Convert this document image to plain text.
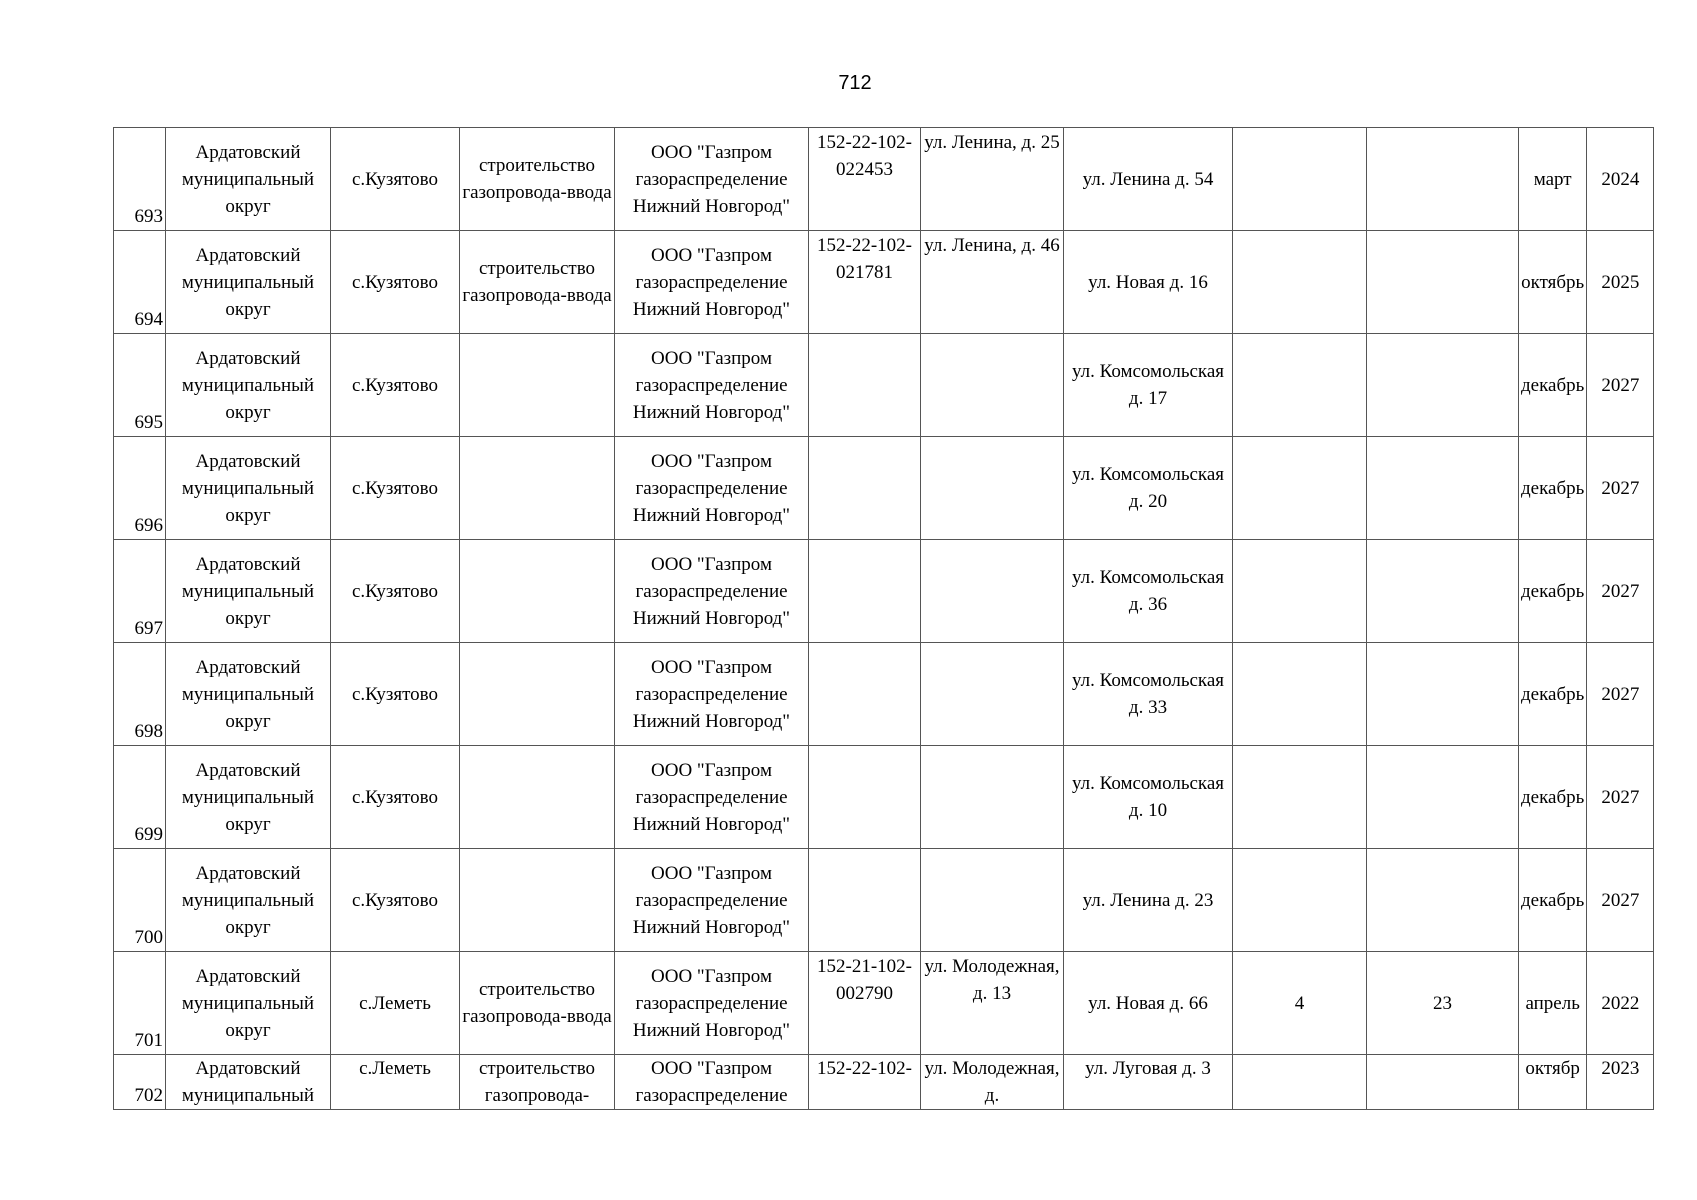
712
693	Ардатовский муниципальный округ	с.Кузятово	строительство газопровода-ввода	ООО "Газпром газораспределение Нижний Новгород"	152-22-102-022453	ул. Ленина, д. 25	ул. Ленина д. 54			март	2024
694	Ардатовский муниципальный округ	с.Кузятово	строительство газопровода-ввода	ООО "Газпром газораспределение Нижний Новгород"	152-22-102-021781	ул. Ленина, д. 46	ул. Новая д. 16			октябрь	2025
695	Ардатовский муниципальный округ	с.Кузятово		ООО "Газпром газораспределение Нижний Новгород"			ул. Комсомольская д. 17			декабрь	2027
696	Ардатовский муниципальный округ	с.Кузятово		ООО "Газпром газораспределение Нижний Новгород"			ул. Комсомольская д. 20			декабрь	2027
697	Ардатовский муниципальный округ	с.Кузятово		ООО "Газпром газораспределение Нижний Новгород"			ул. Комсомольская д. 36			декабрь	2027
698	Ардатовский муниципальный округ	с.Кузятово		ООО "Газпром газораспределение Нижний Новгород"			ул. Комсомольская д. 33			декабрь	2027
699	Ардатовский муниципальный округ	с.Кузятово		ООО "Газпром газораспределение Нижний Новгород"			ул. Комсомольская д. 10			декабрь	2027
700	Ардатовский муниципальный округ	с.Кузятово		ООО "Газпром газораспределение Нижний Новгород"			ул. Ленина д. 23			декабрь	2027
701	Ардатовский муниципальный округ	с.Леметь	строительство газопровода-ввода	ООО "Газпром газораспределение Нижний Новгород"	152-21-102-002790	ул. Молодежная, д. 13	ул. Новая д. 66	4	23	апрель	2022
702	Ардатовский муниципальный	с.Леметь	строительство газопровода-	ООО "Газпром газораспределение	152-22-102-	ул. Молодежная, д.	ул. Луговая д. 3			октябр	2023
